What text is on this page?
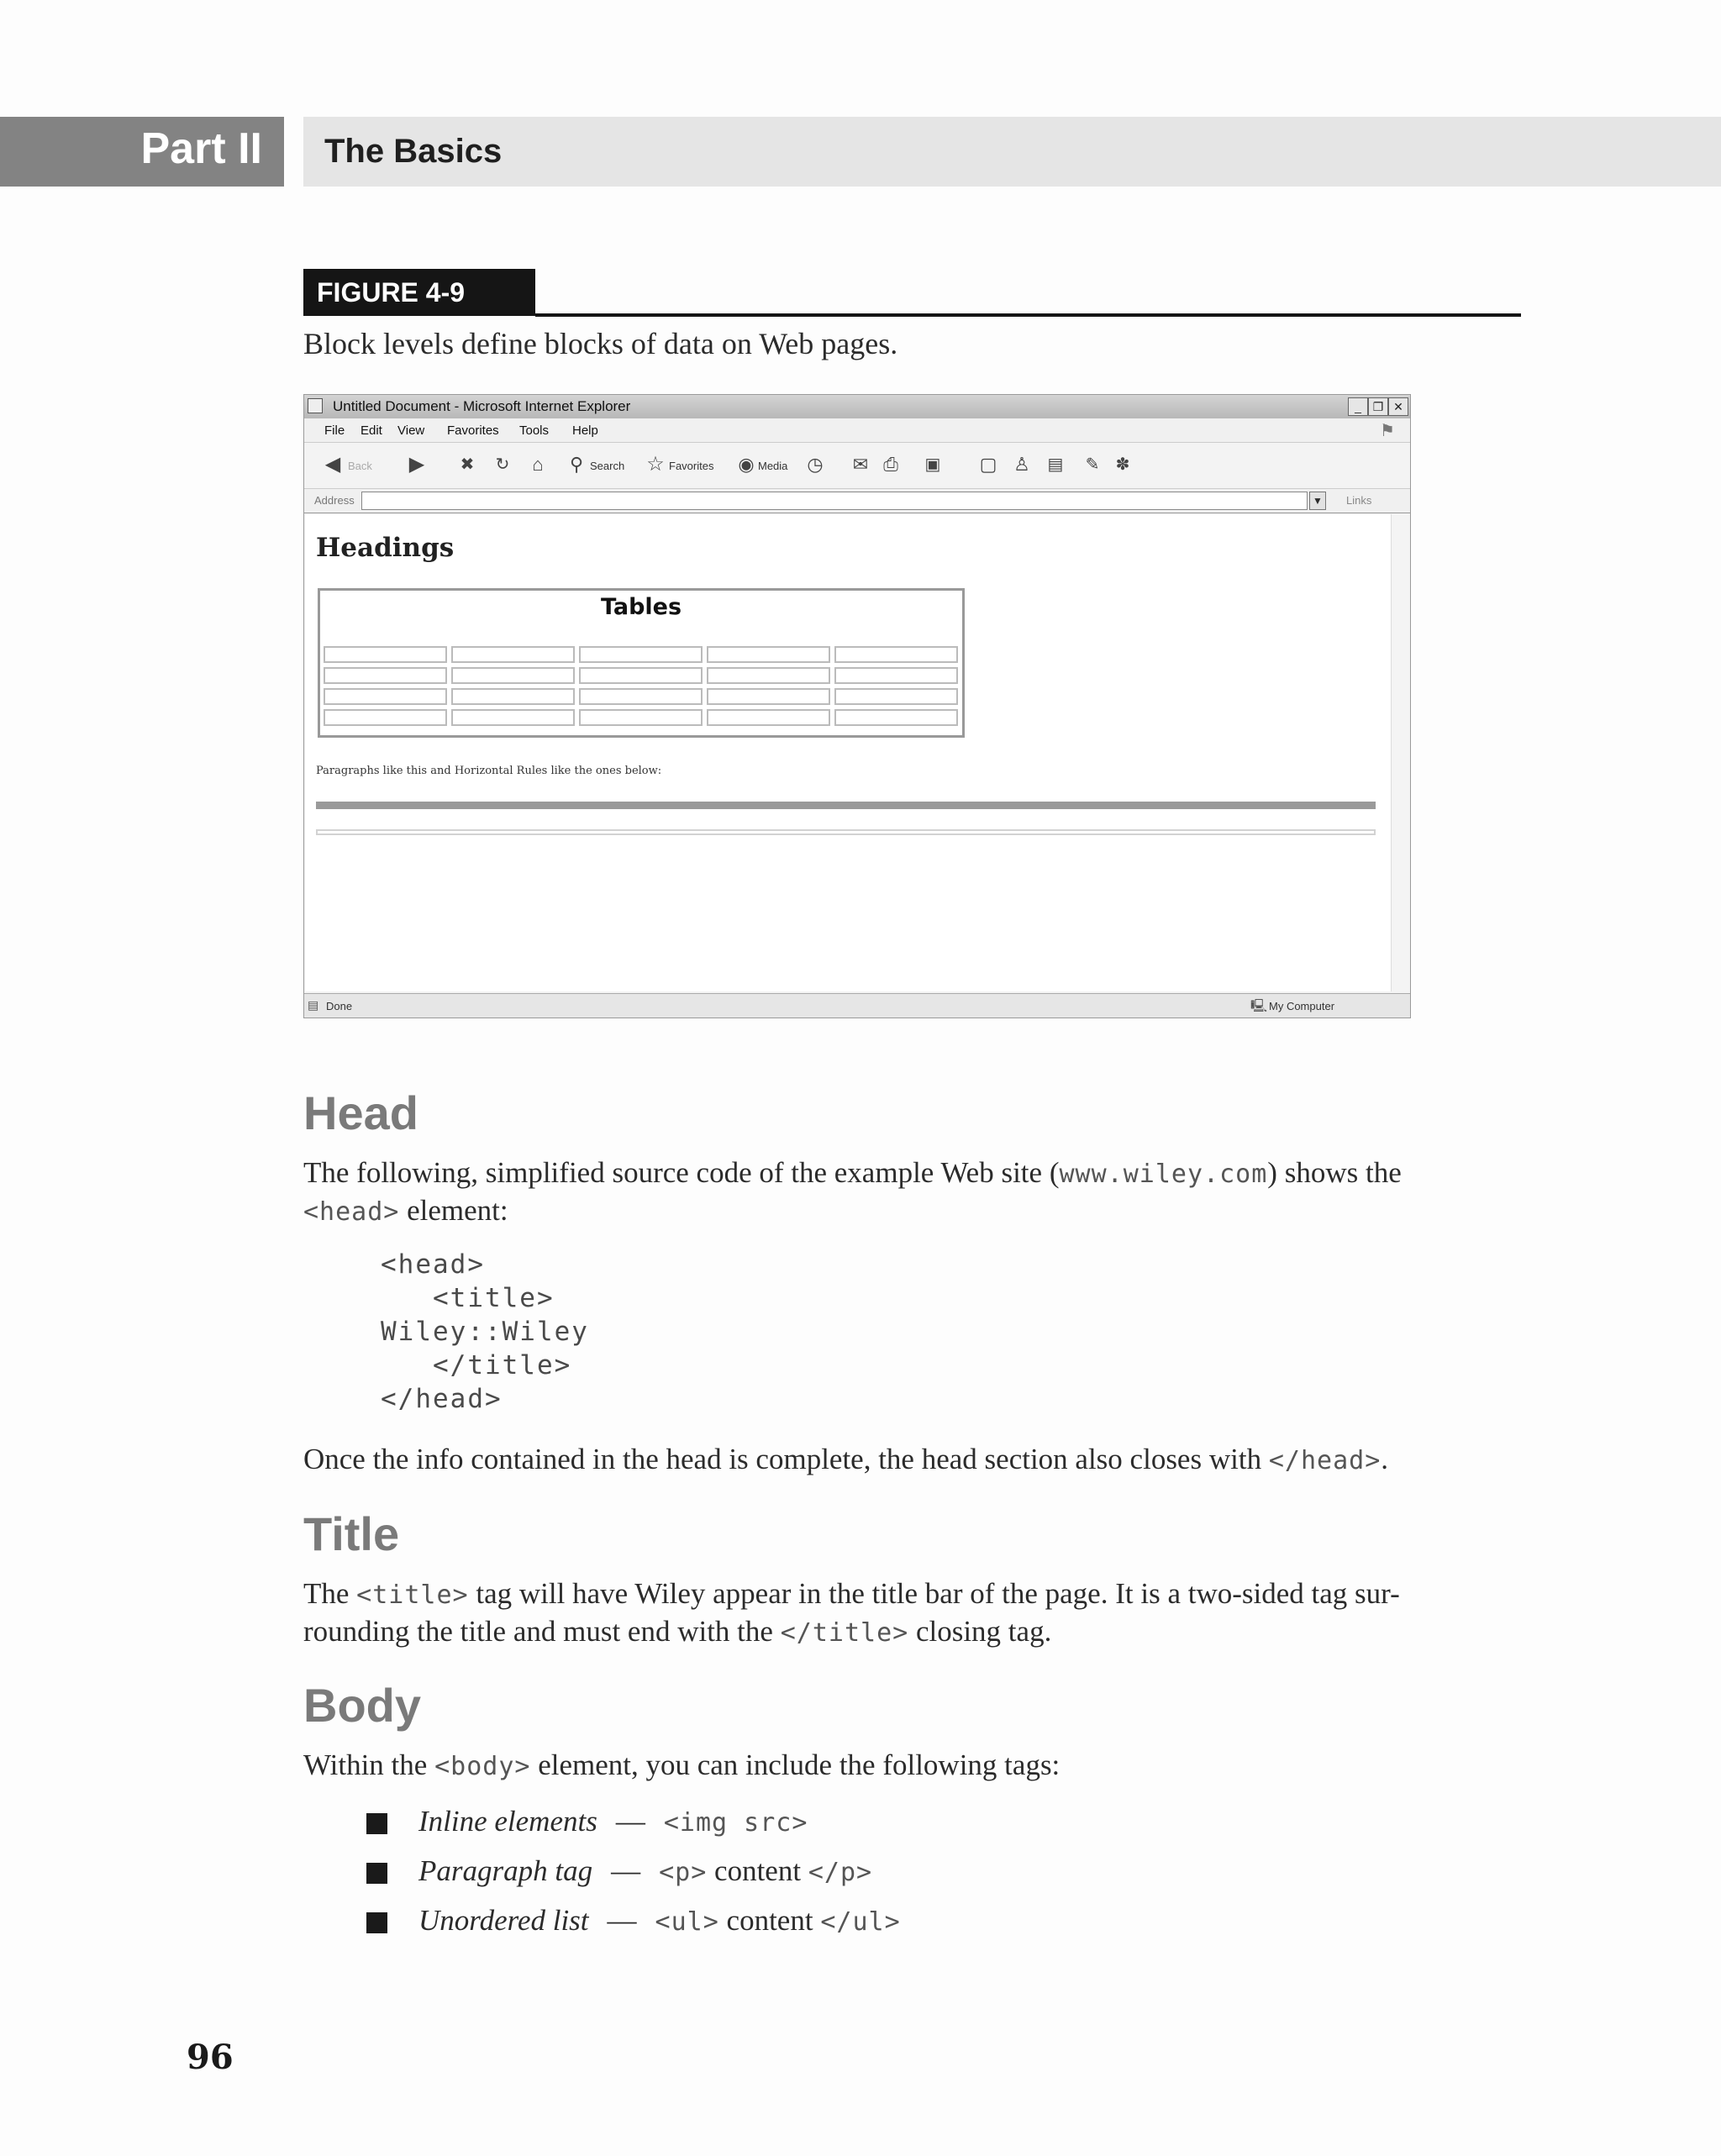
Part II The Basics
FIGURE 4-9
Block levels define blocks of data on Web pages.
Untitled Document - Microsoft Internet Explorer	_ ❐ ✕
File Edit View Favorites Tools Help	⚑
◀ Back ▶ ✖ ↻	⌂	⚲ Search ☆ Favorites ◉ Media ◷ ✉ ⎙ ▣ ▢ ♙ ▤ ✎ ✽
Address	▼	Links
Headings
Tables
Paragraphs like this and Horizontal Rules like the ones below:
▤ Done	🖳 My Computer
Head
The following, simplified source code of the example Web site (www.wiley.com) shows the
<head> element:
<head>
<title>
Wiley::Wiley
</title>
</head>
Once the info contained in the head is complete, the head section also closes with </head>.
Title
The <title> tag will have Wiley appear in the title bar of the page. It is a two-sided tag sur-
rounding the title and must end with the </title> closing tag.
Body
Within the <body> element, you can include the following tags:
Inline elements — <img src>
Paragraph tag — <p> content </p>
Unordered list — <ul> content </ul>
96
